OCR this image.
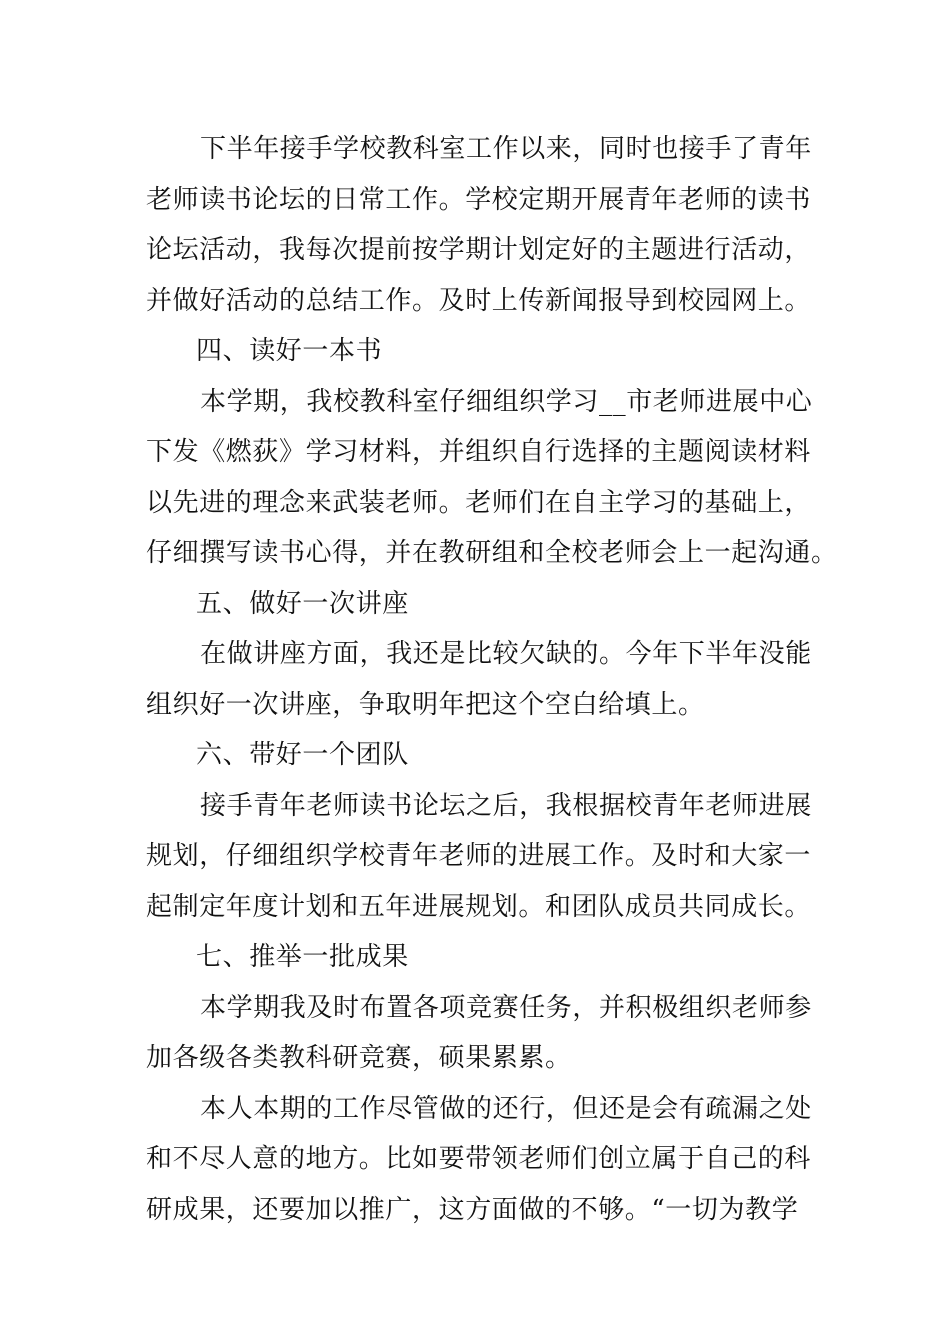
下半年接手学校教科室工作以来，同时也接手了青年
老师读书论坛的日常工作。学校定期开展青年老师的读书
论坛活动，我每次提前按学期计划定好的主题进行活动，
并做好活动的总结工作。及时上传新闻报导到校园网上。
四、读好一本书
本学期，我校教科室仔细组织学习__市老师进展中心
下发《燃荻》学习材料，并组织自行选择的主题阅读材料
以先进的理念来武装老师。老师们在自主学习的基础上，
仔细撰写读书心得，并在教研组和全校老师会上一起沟通。
五、做好一次讲座
在做讲座方面，我还是比较欠缺的。今年下半年没能
组织好一次讲座，争取明年把这个空白给填上。
六、带好一个团队
接手青年老师读书论坛之后，我根据校青年老师进展
规划，仔细组织学校青年老师的进展工作。及时和大家一
起制定年度计划和五年进展规划。和团队成员共同成长。
七、推举一批成果
本学期我及时布置各项竞赛任务，并积极组织老师参
加各级各类教科研竞赛，硕果累累。
本人本期的工作尽管做的还行，但还是会有疏漏之处
和不尽人意的地方。比如要带领老师们创立属于自己的科
研成果，还要加以推广，这方面做的不够。“一切为教学
